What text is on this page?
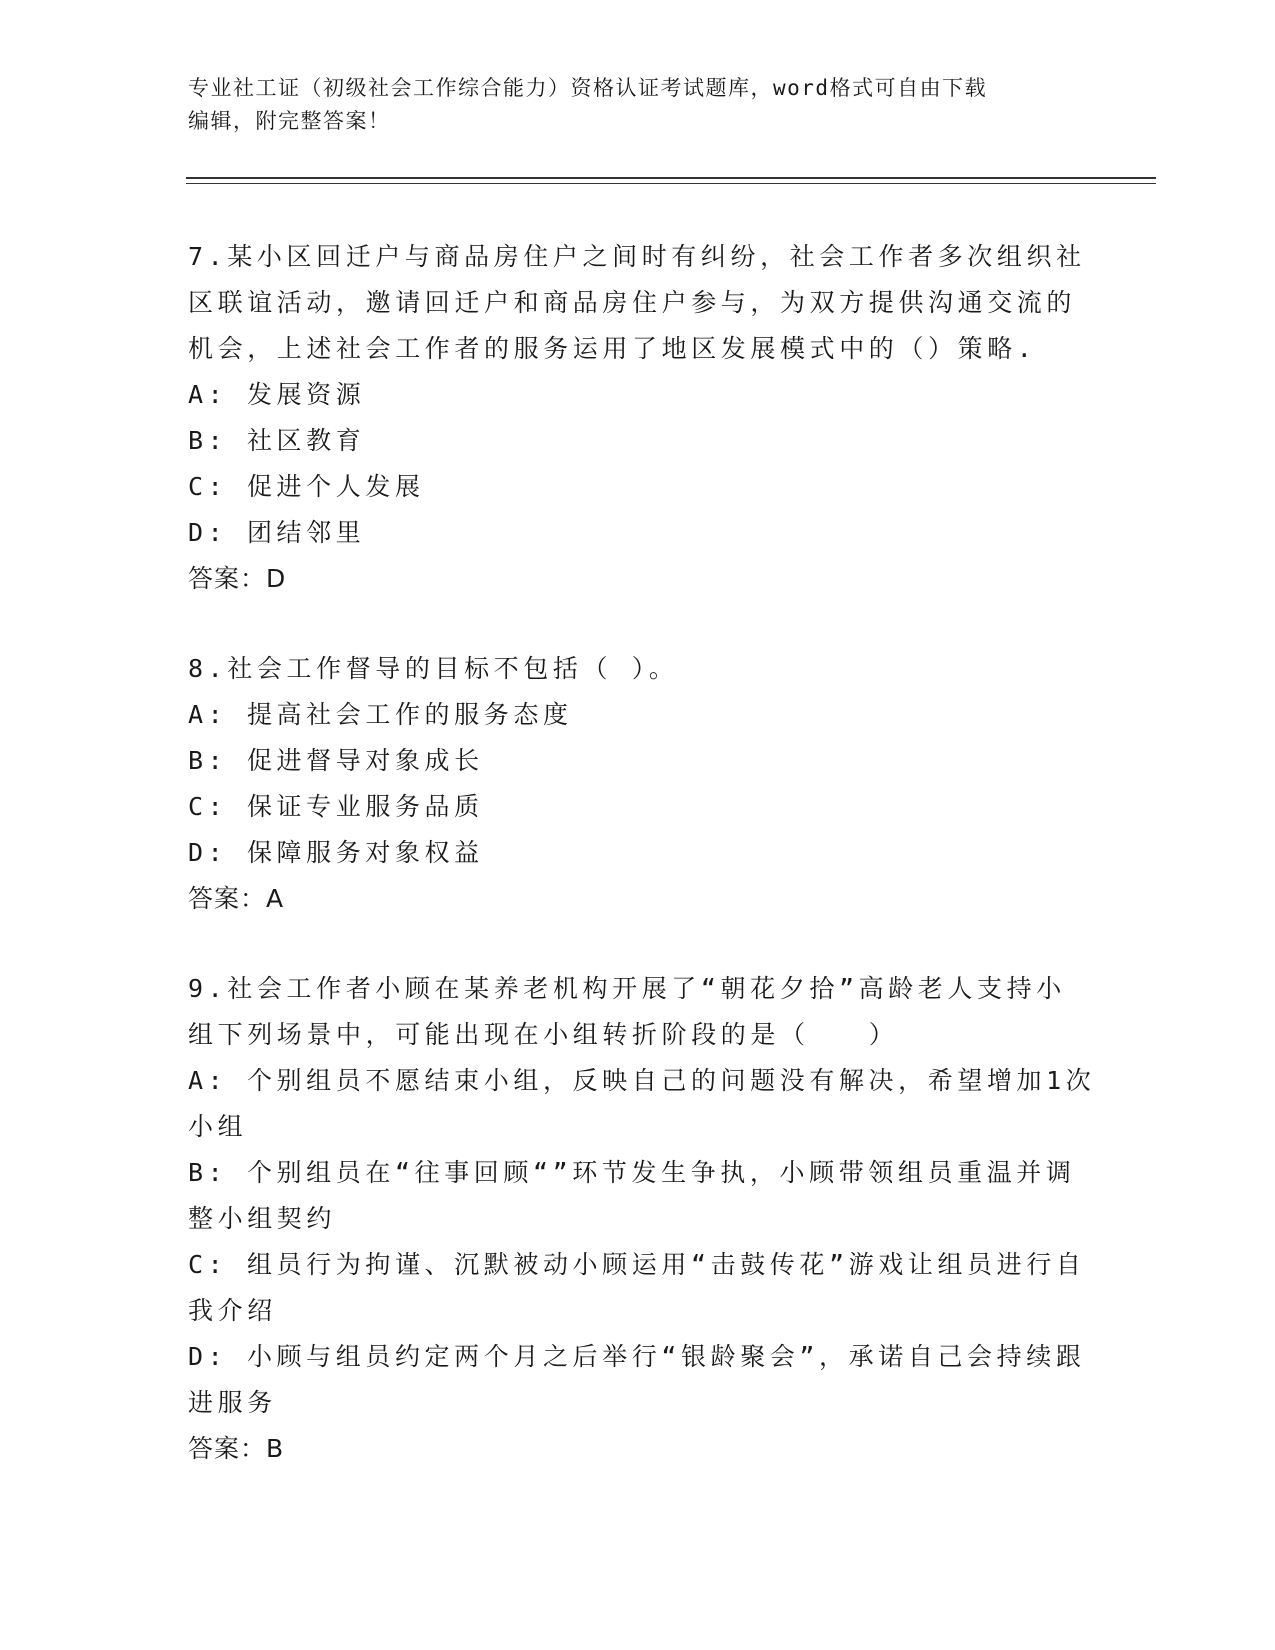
专业社工证（初级社会工作综合能力）资格认证考试题库，word格式可自由下载
编辑，附完整答案！
7.某小区回迁户与商品房住户之间时有纠纷，社会工作者多次组织社
区联谊活动，邀请回迁户和商品房住户参与，为双方提供沟通交流的
机会，上述社会工作者的服务运用了地区发展模式中的（）策略.
A: 发展资源
B: 社区教育
C: 促进个人发展
D: 团结邻里
答案：D
8.社会工作督导的目标不包括（ ）。
A: 提高社会工作的服务态度
B: 促进督导对象成长
C: 保证专业服务品质
D: 保障服务对象权益
答案：A
9.社会工作者小顾在某养老机构开展了“朝花夕拾”高龄老人支持小
组下列场景中，可能出现在小组转折阶段的是（　　）
A: 个别组员不愿结束小组，反映自己的问题没有解决，希望增加1次
小组
B: 个别组员在“往事回顾“”环节发生争执，小顾带领组员重温并调
整小组契约
C: 组员行为拘谨、沉默被动小顾运用“击鼓传花”游戏让组员进行自
我介绍
D: 小顾与组员约定两个月之后举行“银龄聚会”，承诺自己会持续跟
进服务
答案：B
